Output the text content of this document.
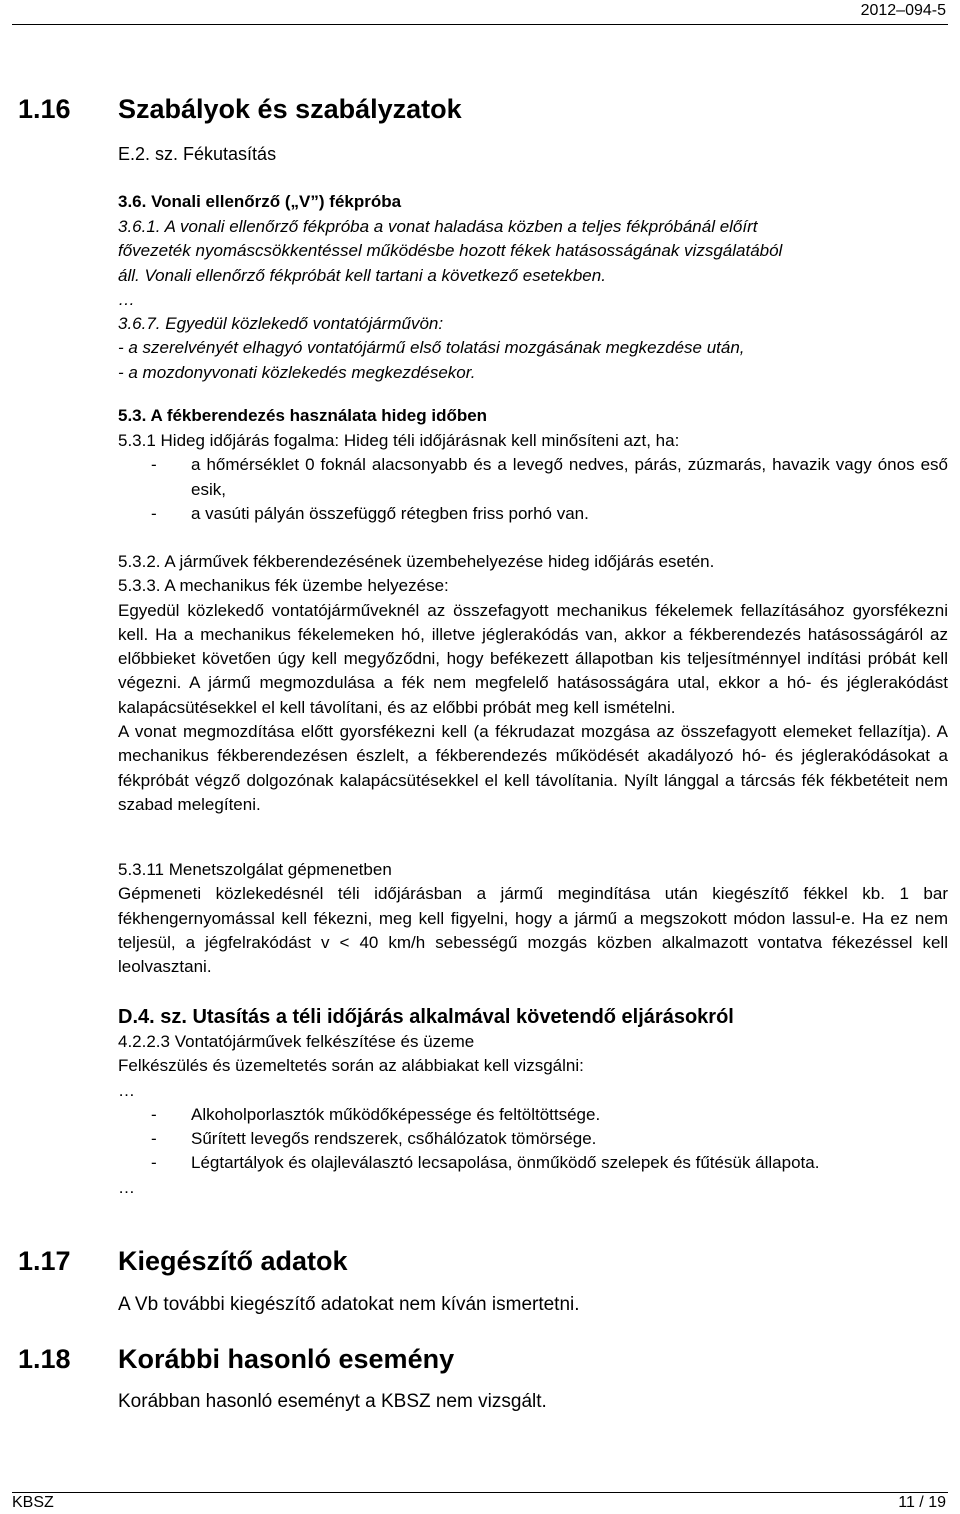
2012–094-5
1.16 Szabályok és szabályzatok
E.2. sz. Fékutasítás
3.6. Vonali ellenőrző („V”) fékpróba
3.6.1. A vonali ellenőrző fékpróba a vonat haladása közben a teljes fékpróbánál előírt
fővezeték nyomáscsökkentéssel működésbe hozott fékek hatásosságának vizsgálatából
áll. Vonali ellenőrző fékpróbát kell tartani a következő esetekben.
…
3.6.7. Egyedül közlekedő vontatójárművön:
- a szerelvényét elhagyó vontatójármű első tolatási mozgásának megkezdése után,
- a mozdonyvonati közlekedés megkezdésekor.
5.3. A fékberendezés használata hideg időben
5.3.1 Hideg időjárás fogalma: Hideg téli időjárásnak kell minősíteni azt, ha:
- a hőmérséklet 0 foknál alacsonyabb és a levegő nedves, párás, zúzmarás, havazik vagy ónos eső esik,
- a vasúti pályán összefüggő rétegben friss porhó van.
5.3.2. A járművek fékberendezésének üzembehelyezése hideg időjárás esetén.
5.3.3. A mechanikus fék üzembe helyezése:
Egyedül közlekedő vontatójárműveknél az összefagyott mechanikus fékelemek fellazításához gyorsfékezni kell. Ha a mechanikus fékelemeken hó, illetve jéglerakódás van, akkor a fékberendezés hatásosságáról az előbbieket követően úgy kell megyőződni, hogy befékezett állapotban kis teljesítménnyel indítási próbát kell végezni. A jármű megmozdulása a fék nem megfelelő hatásosságára utal, ekkor a hó- és jéglerakódást kalapácsütésekkel el kell távolítani, és az előbbi próbát meg kell ismételni.
A vonat megmozdítása előtt gyorsfékezni kell (a fékrudazat mozgása az összefagyott elemeket fellazítja). A mechanikus fékberendezésen észlelt, a fékberendezés működését akadályozó hó- és jéglerakódásokat a fékpróbát végző dolgozónak kalapácsütésekkel el kell távolítania. Nyílt lánggal a tárcsás fék fékbetéteit nem szabad melegíteni.
5.3.11 Menetszolgálat gépmenetben
Gépmeneti közlekedésnél téli időjárásban a jármű megindítása után kiegészítő fékkel kb. 1 bar fékhengernyomással kell fékezni, meg kell figyelni, hogy a jármű a megszokott módon lassul-e. Ha ez nem teljesül, a jégfelrakódást v < 40 km/h sebességű mozgás közben alkalmazott vontatva fékezéssel kell leolvasztani.
D.4. sz. Utasítás a téli időjárás alkalmával követendő eljárásokról
4.2.2.3 Vontatójárművek felkészítése és üzeme
Felkészülés és üzemeltetés során az alábbiakat kell vizsgálni:
…
- Alkoholporlasztók működőképessége és feltöltöttsége.
- Sűrített levegős rendszerek, csőhálózatok tömörsége.
- Légtartályok és olajleválasztó lecsapolása, önműködő szelepek és fűtésük állapota.
…
1.17 Kiegészítő adatok
A Vb további kiegészítő adatokat nem kíván ismertetni.
1.18 Korábbi hasonló esemény
Korábban hasonló eseményt a KBSZ nem vizsgált.
KBSZ	11 / 19
